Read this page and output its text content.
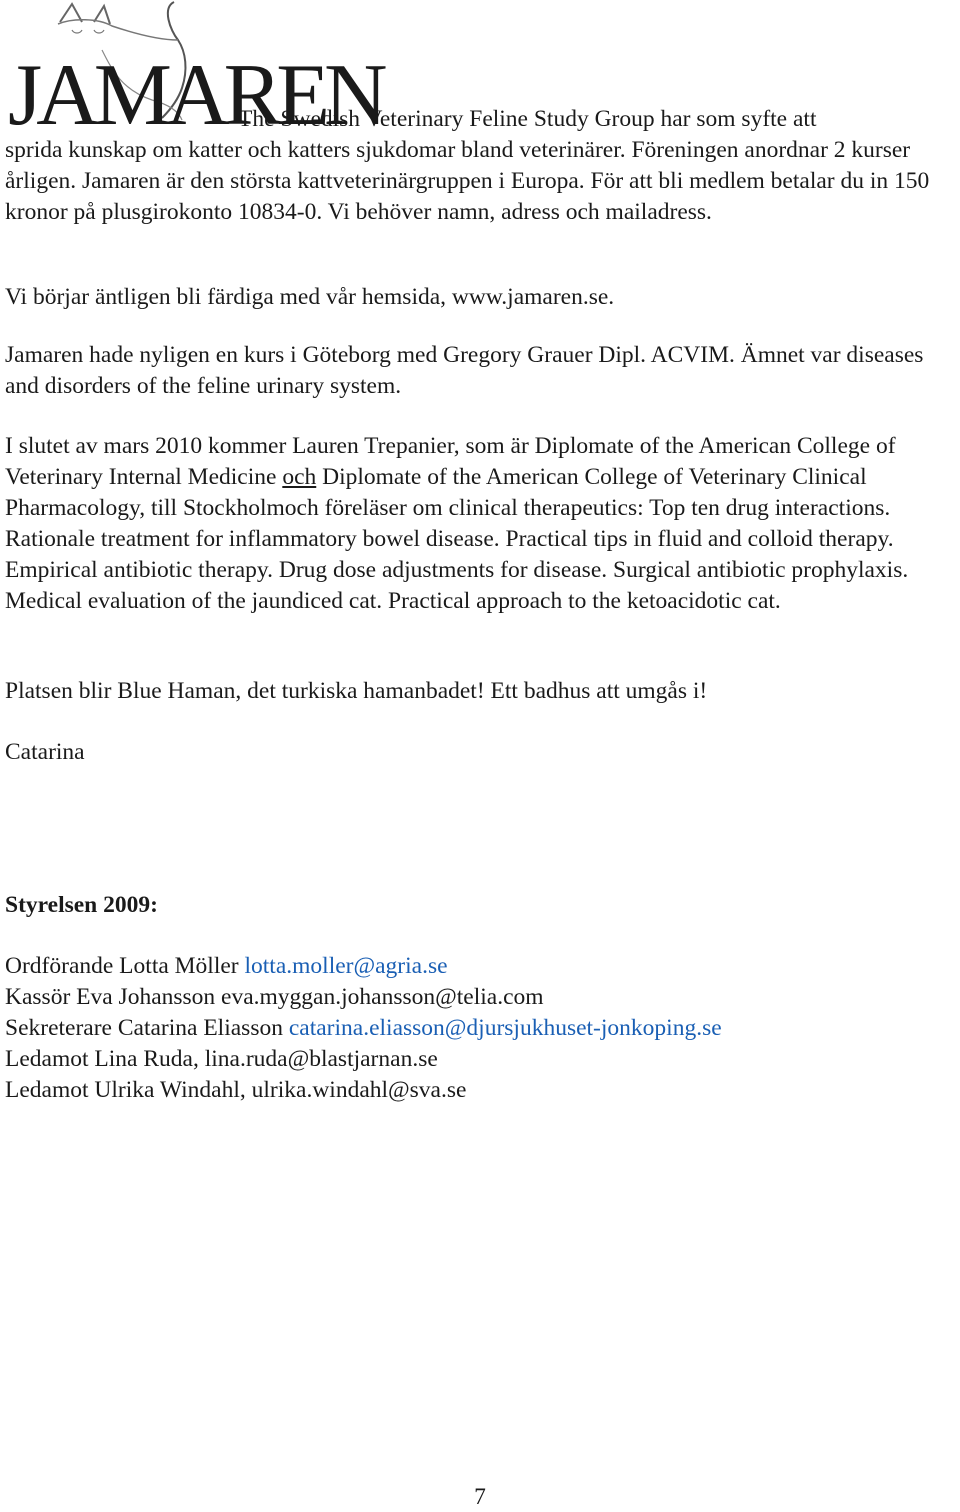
JAMAREN
The Swedish Veterinary Feline Study Group har som syfte att
sprida kunskap om katter och katters sjukdomar bland veterinärer. Föreningen anordnar 2 kurser årligen. Jamaren är den största kattveterinärgruppen i Europa. För att bli medlem betalar du in 150 kronor på plusgirokonto 10834-0. Vi behöver namn, adress och mailadress.
Vi börjar äntligen bli färdiga med vår hemsida, www.jamaren.se.
Jamaren hade nyligen en kurs i Göteborg med Gregory Grauer Dipl. ACVIM. Ämnet var diseases and disorders of the feline urinary system.
I slutet av mars 2010 kommer Lauren Trepanier, som är Diplomate of the American College of Veterinary Internal Medicine och Diplomate of the American College of Veterinary Clinical Pharmacology, till Stockholmoch föreläser om clinical therapeutics: Top ten drug interactions. Rationale treatment for inflammatory bowel disease. Practical tips in fluid and colloid therapy. Empirical antibiotic therapy. Drug dose adjustments for disease. Surgical antibiotic prophylaxis. Medical evaluation of the jaundiced cat. Practical approach to the ketoacidotic cat.
Platsen blir Blue Haman, det turkiska hamanbadet! Ett badhus att umgås i!
Catarina
Styrelsen 2009:
Ordförande Lotta Möller lotta.moller@agria.se
Kassör Eva Johansson eva.myggan.johansson@telia.com
Sekreterare Catarina Eliasson catarina.eliasson@djursjukhuset-jonkoping.se
Ledamot Lina Ruda, lina.ruda@blastjarnan.se
Ledamot Ulrika Windahl, ulrika.windahl@sva.se
7
